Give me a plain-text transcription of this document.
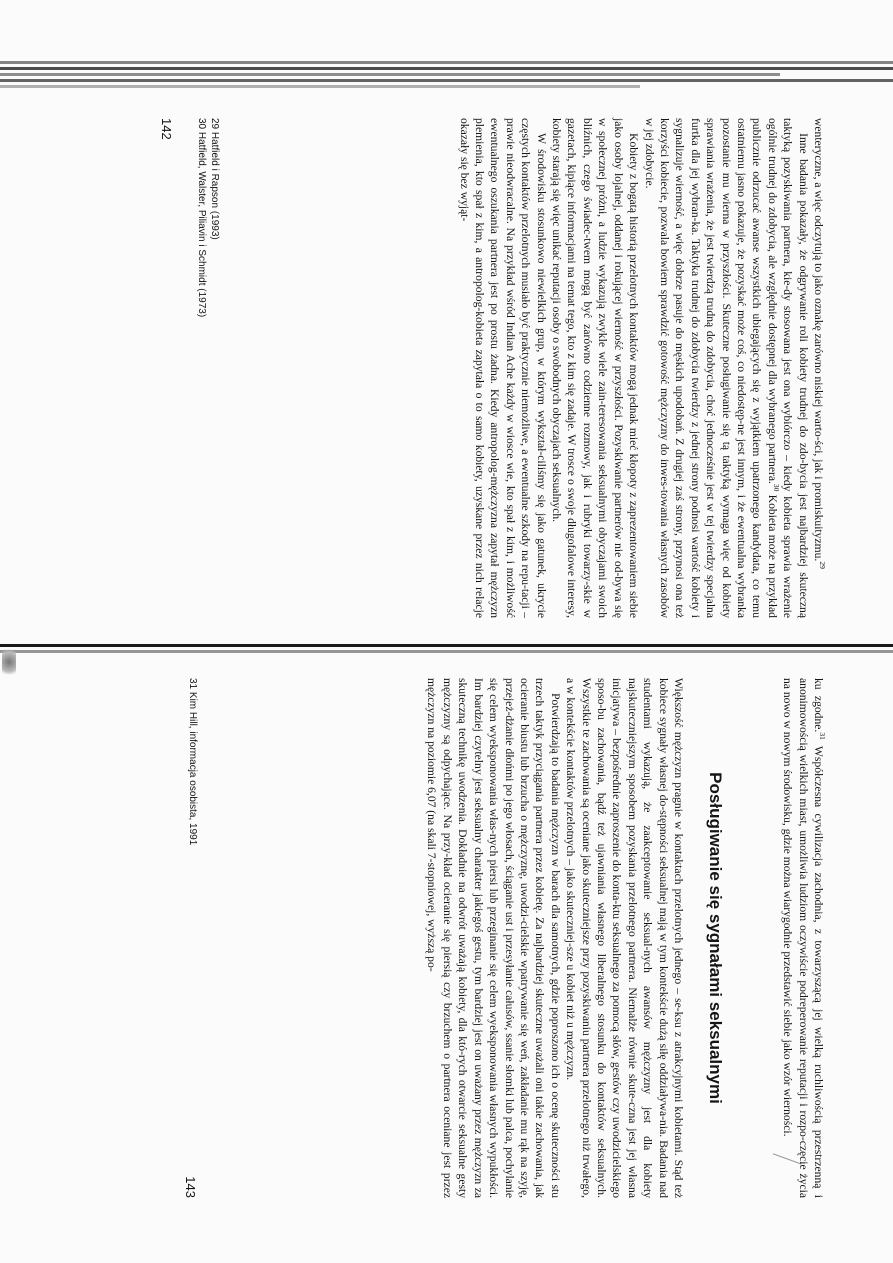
wenteryczne, a więc odczytują to jako oznakę zarówno niskiej warto-ści, jak i promiskuityzmu.$^{29}$

Inne badania pokazały, że odgrywanie roli kobiety trudnej do zdo-bycia jest najbardziej skuteczną taktyką pozyskiwania partnera, kie-dy stosowana jest ona wybiórczo – kiedy kobieta sprawia wrażenie ogólnie trudnej do zdobycia, ale względnie dostępnej dla wybranego partnera.$^{30}$ Kobieta może na przykład publicznie odrzucać awanse wszystkich ubiegających się z wyjątkiem upatrzonego kandydata, co temu ostatniemu jasno pokazuje, że pozyskać może coś, co niedostęp-ne jest innym, i że ewentualna wybranka pozostanie mu wierna w przyszłości. Skuteczne posługiwanie się tą taktyką wymaga więc od kobiety sprawiania wrażenia, że jest twierdzą trudną do zdobycia, choć jednocześnie jest w tej twierdzy specjalna furtka dla jej wybran-ka. Taktyka trudnej do zdobycia twierdzy z jednej strony podnosi wartość kobiety i sygnalizuje wierność, a więc dobrze pasuje do męskich upodobań. Z drugiej zaś strony, przynosi ona też korzyści kobiecie, pozwala bowiem sprawdzić gotowość mężczyzny do inwes-towania własnych zasobów w jej zdobycie.

Kobiety z bogatą historią przelotnych kontaktów mogą jednak mieć kłopoty z zaprezentowaniem siebie jako osoby lojalnej, oddanej i rokującej wierność w przyszłości. Pozyskiwanie partnerów nie od-bywa się w społecznej próżni, a ludzie wykazują zwykle wiele zain-teresowania seksualnymi obyczajami swoich bliźnich, czego świadec-twem mogą być zarówno codzienne rozmowy, jak i rubryki towarzy-skie w gazetach, kipiące informacjami na temat tego, kto z kim się zadaje. W trosce o swoje długofalowe interesy, kobiety starają się więc unikać reputacji osoby o swobodnych obyczajach seksualnych.

W środowisku stosunkowo niewielkich grup, w którym wykształ-ciliśmy się jako gatunek, ukrycie częstych kontaktów przelotnych musiało być praktycznie niemożliwe, a ewentualne szkody na repu-tacji – prawie nieodwracalne. Na przykład wśród Indian Ache każdy w wiosce wie, kto spał z kim, i możliwość ewentualnego oszukania partnera jest po prostu żadna. Kiedy antropolog-mężczyzna zapytał mężczyzn plemienia, kto spał z kim, a antropolog-kobieta zapytała o to samo kobiety, uzyskane przez nich relacje okazały się bez wyjąt-

29 Hatfield i Rapson (1993)
30 Hatfield, Walster, Piliavin i Schmidt (1973)
142

ku zgodne.$^{31}$ Współczesna cywilizacja zachodnia, z towarzyszącą jej wielką ruchliwością przestrzenną i anonimowością wielkich miast, umożliwia ludziom oczywiście podreperowanie reputacji i rozpo-częcie życia na nowo w nowym środowisku, gdzie można wiarygodnie przedstawić siebie jako wzór wierności.

Posługiwanie się sygnałami seksualnymi

Większość mężczyzn pragnie w kontaktach przelotnych jednego – se-ksu z atrakcyjnymi kobietami. Stąd też kobiece sygnały własnej do-stępności seksualnej mają w tym kontekście dużą siłę oddziaływa-nia. Badania nad studentami wykazują, że zaakceptowanie seksual-nych awansów mężczyzny jest dla kobiety najskuteczniejszym sposobem pozyskania przelotnego partnera. Niemalże równie skute-czna jest jej własna inicjatywa – bezpośrednie zaproszenie do konta-ktu seksualnego za pomocą słów, gestów czy uwodzicielskiego sposo-bu zachowania, bądź też ujawniania własnego liberalnego stosunku do kontaktów seksualnych. Wszystkie te zachowania są oceniane jako skuteczniejsze przy pozyskiwaniu partnera przelotnego niż trwałego, a w kontekście kontaktów przelotnych – jako skuteczniej-sze u kobiet niż u mężczyzn.

Potwierdzają to badania mężczyzn w barach dla samotnych, gdzie poproszono ich o ocenę skuteczności stu trzech taktyk przyciągania partnera przez kobietę. Za najbardziej skuteczne uważali oni takie zachowania, jak ocieranie biustu lub brzucha o mężczyznę, uwodzi-cielskie wpatrywanie się weń, zakładanie mu rąk na szyję, przejeż-dżanie dłońmi po jego włosach, ściąganie ust i przesyłanie całusów, ssanie słomki lub palca, pochylanie się celem wyeksponowania włas-nych piersi lub przeginanie się celem wyeksponowania własnych wypukłości. Im bardziej czytelny jest seksualny charakter jakiegoś gestu, tym bardziej jest on uważany przez mężczyzn za skuteczną technikę uwodzenia. Dokładnie na odwrót uważają kobiety, dla któ-rych otwarcie seksualne gesty mężczyzny są odpychające. Na przy-kład ocieranie się piersią czy brzuchem o partnera oceniane jest przez mężczyzn na poziomie 6,07 (na skali 7-stopniowej, wyższą po-

31 Kim Hill, informacja osobista, 1991
143
